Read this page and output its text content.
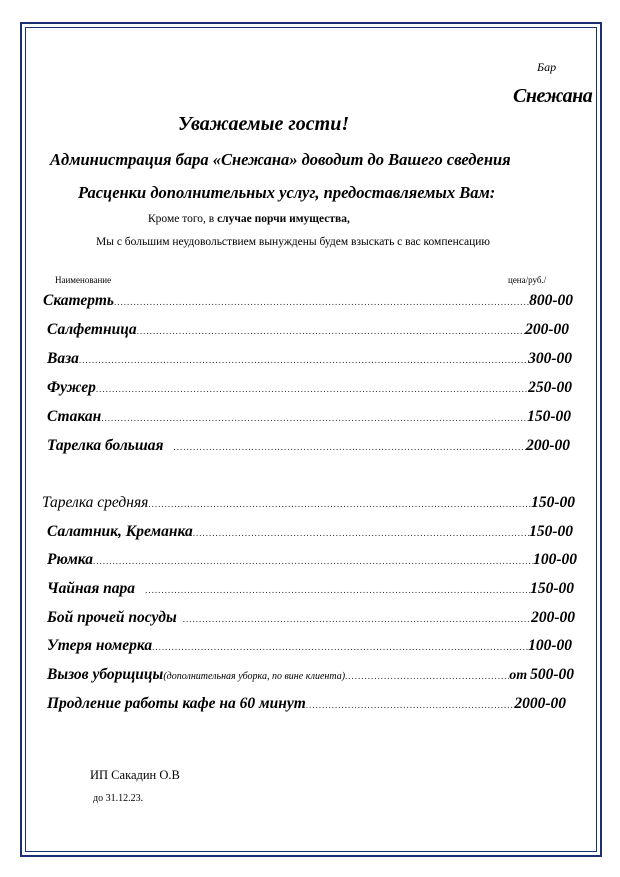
Бар
Снежана
Уважаемые гости!
Администрация бара «Снежана» доводит до Вашего сведения
Расценки дополнительных услуг, предоставляемых Вам:
Кроме того, в случае порчи имущества,
Мы с большим неудовольствием вынуждены будем взыскать с вас компенсацию
Наименование	цена/руб./
Скатерть .....	800-00
Салфетница .....	200-00
Ваза .....	300-00
Фужер .....	250-00
Стакан .....	150-00
Тарелка большая .....	200-00
Тарелка средняя .....	150-00
Салатник, Креманка .....	150-00
Рюмка .....	100-00
Чайная пара .....	150-00
Бой прочей посуды .....	200-00
Утеря номерка .....	100-00
Вызов уборщицы (дополнительная уборка, по вине клиента) .....	от 500-00
Продление работы кафе на 60 минут .....	2000-00
ИП Сакадин О.В
до 31.12.23.
